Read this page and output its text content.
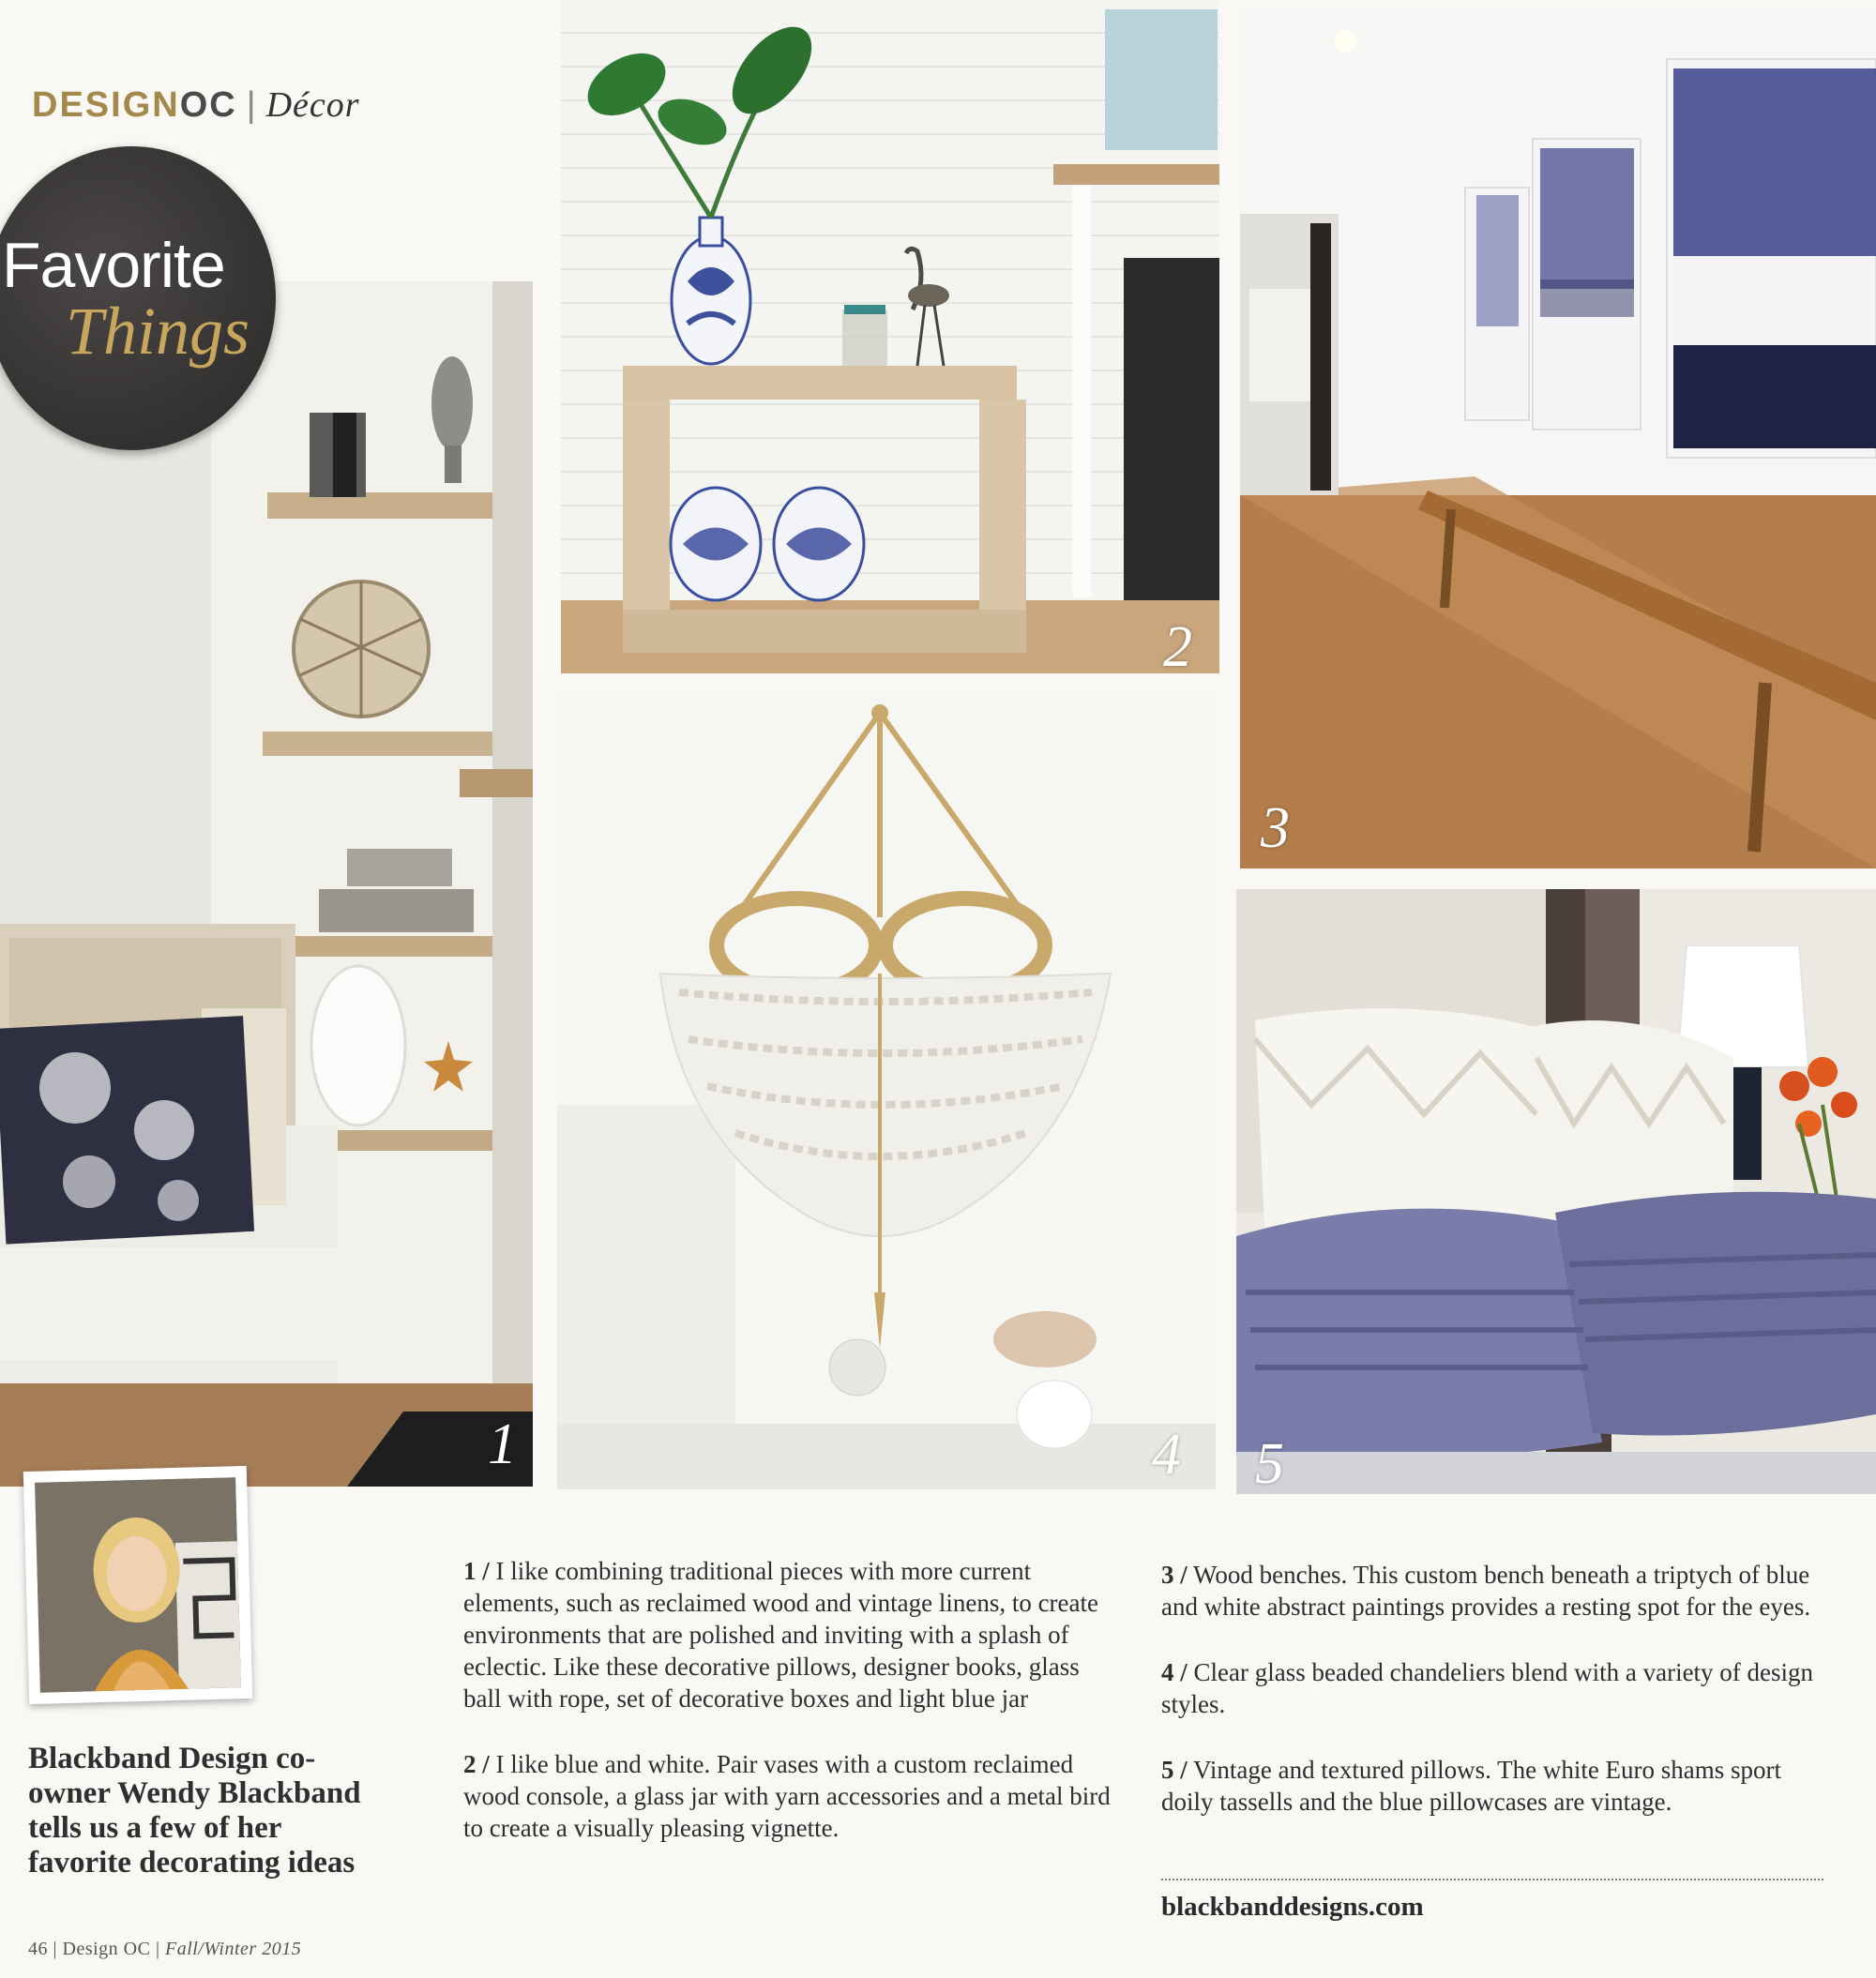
DESIGNOC | Décor
1
Favorite
Things
2
3
4 5
Blackband Design co-owner Wendy Blackband tells us a few of her favorite decorating ideas

1 / I like combining traditional pieces with more current elements, such as reclaimed wood and vintage linens, to create environments that are polished and inviting with a splash of eclectic. Like these decorative pillows, designer books, glass ball with rope, set of decorative boxes and light blue jar

2 / I like blue and white. Pair vases with a custom reclaimed wood console, a glass jar with yarn accessories and a metal bird to create a visually pleasing vignette.

3 / Wood benches. This custom bench beneath a triptych of blue and white abstract paintings provides a resting spot for the eyes.

4 / Clear glass beaded chandeliers blend with a variety of design styles.

5 / Vintage and textured pillows. The white Euro shams sport doily tassells and the blue pillowcases are vintage.

blackbanddesigns.com
46 | Design OC | Fall/Winter 2015
